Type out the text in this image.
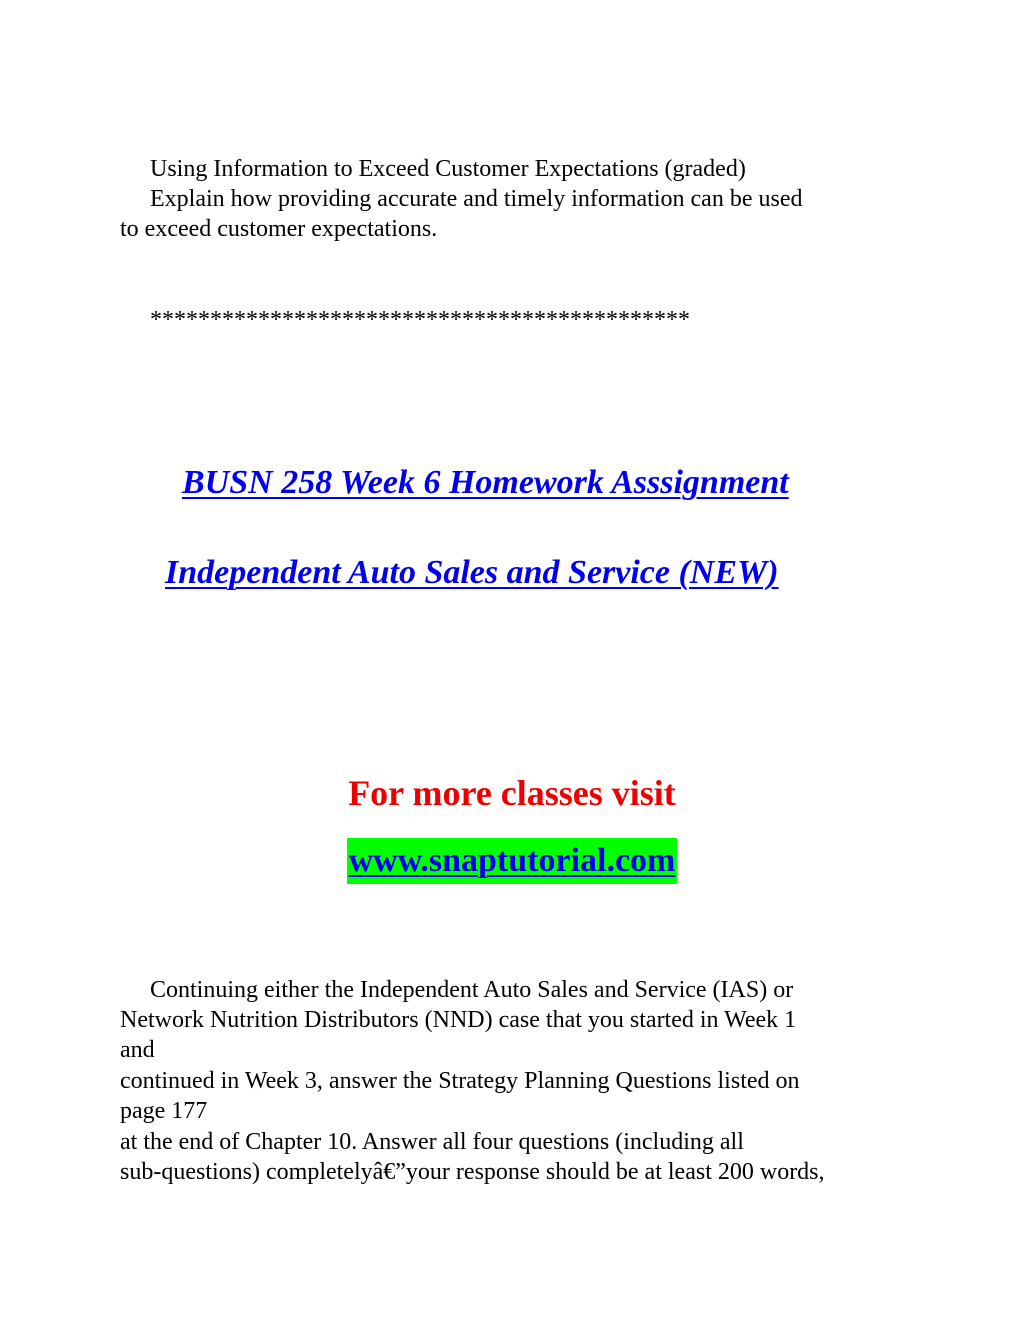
Using Information to Exceed Customer Expectations (graded)
Explain how providing accurate and timely information can be used
to exceed customer expectations.
*********************************************
BUSN 258 Week 6 Homework Asssignment
Independent Auto Sales and Service (NEW)
For more classes visit
www.snaptutorial.com
Continuing either the Independent Auto Sales and Service (IAS) or
Network Nutrition Distributors (NND) case that you started in Week 1
and
continued in Week 3, answer the Strategy Planning Questions listed on
page 177
at the end of Chapter 10. Answer all four questions (including all
sub-questions) completelyâ€”your response should be at least 200 words,
